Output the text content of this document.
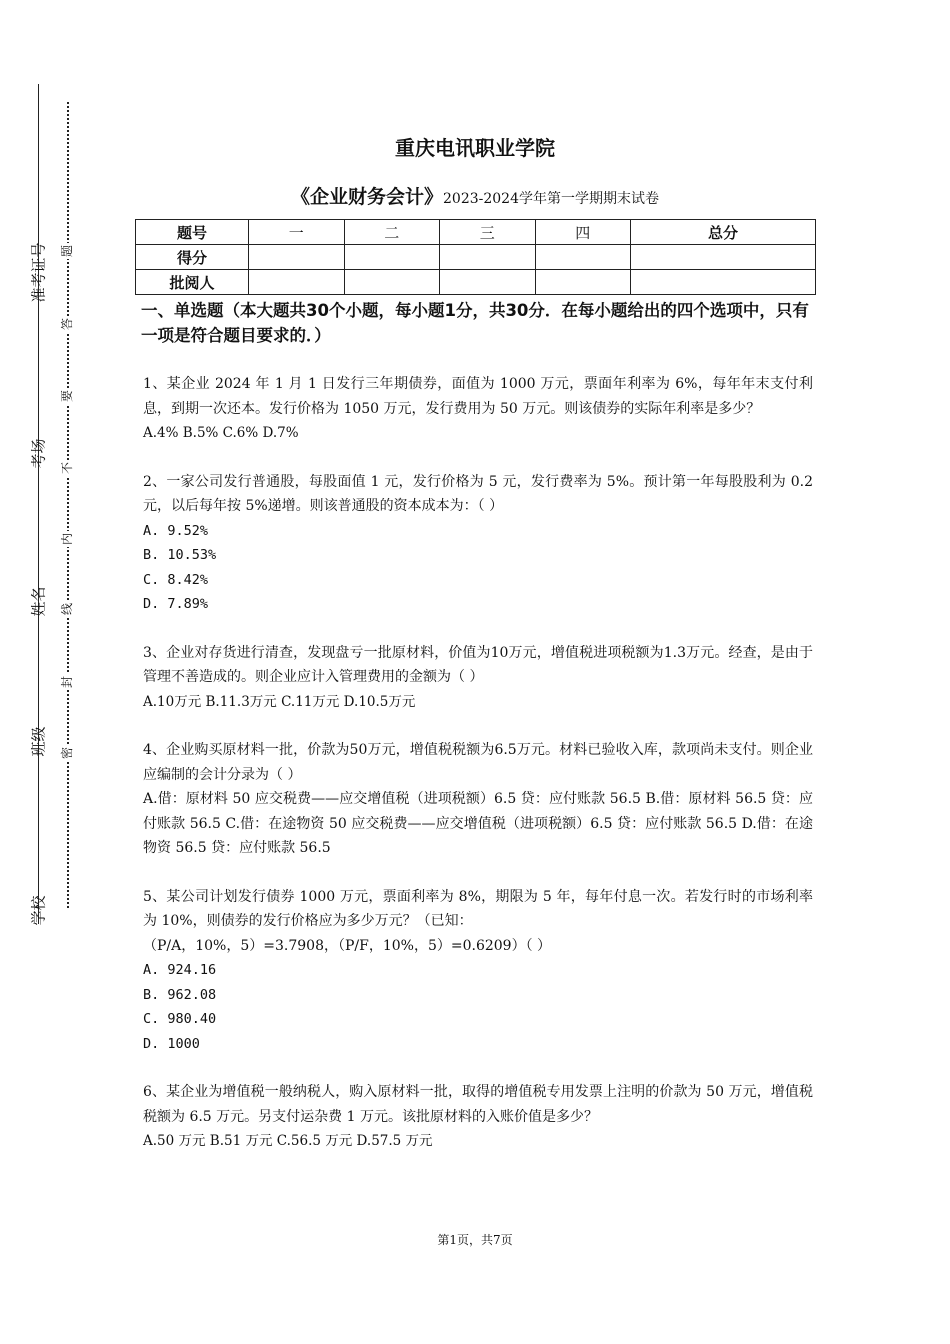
准考证号
考场
姓名
班级
学校
题
答
要
不
内
线
封
密
重庆电讯职业学院
《企业财务会计》2023-2024学年第一学期期末试卷
题号	一	二	三	四	总分
得分					
批阅人					
一、单选题（本大题共30个小题，每小题1分，共30分．在每小题给出的四个选项中，只有一项是符合题目要求的．）
1、某企业 2024 年 1 月 1 日发行三年期债券，面值为 1000 万元，票面年利率为 6%，每年年末支付利息，到期一次还本。发行价格为 1050 万元，发行费用为 50 万元。则该债券的实际年利率是多少？
A.4% B.5% C.6% D.7%
2、一家公司发行普通股，每股面值 1 元，发行价格为 5 元，发行费率为 5%。预计第一年每股股利为 0.2 元，以后每年按 5%递增。则该普通股的资本成本为：（ ）
A. 9.52%
B. 10.53%
C. 8.42%
D. 7.89%
3、企业对存货进行清查，发现盘亏一批原材料，价值为10万元，增值税进项税额为1.3万元。经查，是由于管理不善造成的。则企业应计入管理费用的金额为（ ）
A.10万元 B.11.3万元 C.11万元 D.10.5万元
4、企业购买原材料一批，价款为50万元，增值税税额为6.5万元。材料已验收入库，款项尚未支付。则企业应编制的会计分录为（ ）
A.借：原材料 50 应交税费——应交增值税（进项税额）6.5 贷：应付账款 56.5 B.借：原材料 56.5 贷：应付账款 56.5 C.借：在途物资 50 应交税费——应交增值税（进项税额）6.5 贷：应付账款 56.5 D.借：在途物资 56.5 贷：应付账款 56.5
5、某公司计划发行债券 1000 万元，票面利率为 8%，期限为 5 年，每年付息一次。若发行时的市场利率为 10%，则债券的发行价格应为多少万元？（已知：
（P/A，10%，5）=3.7908，（P/F，10%，5）=0.6209）（ ）
A. 924.16
B. 962.08
C. 980.40
D. 1000
6、某企业为增值税一般纳税人，购入原材料一批，取得的增值税专用发票上注明的价款为 50 万元，增值税税额为 6.5 万元。另支付运杂费 1 万元。该批原材料的入账价值是多少？
A.50 万元 B.51 万元 C.56.5 万元 D.57.5 万元
第1页，共7页
